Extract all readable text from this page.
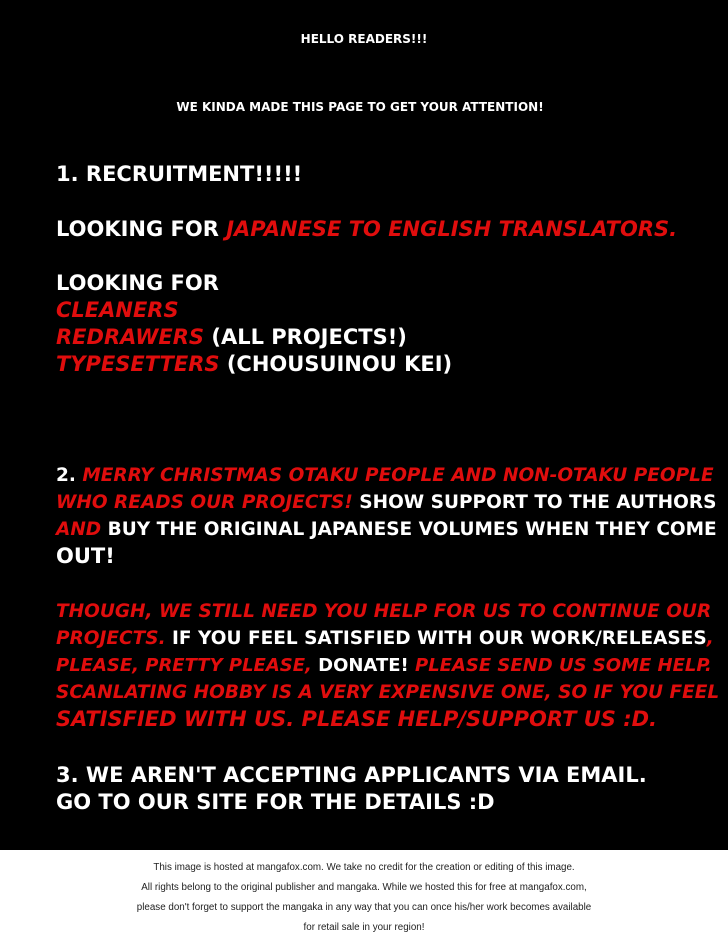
HELLO READERS!!!
WE KINDA MADE THIS PAGE TO GET YOUR ATTENTION!
1. RECRUITMENT!!!!!
LOOKING FOR JAPANESE TO ENGLISH TRANSLATORS.
LOOKING FOR
CLEANERS
REDRAWERS (ALL PROJECTS!)
TYPESETTERS (CHOUSUINOU KEI)
2. MERRY CHRISTMAS OTAKU PEOPLE AND NON-OTAKU PEOPLE
WHO READS OUR PROJECTS! SHOW SUPPORT TO THE AUTHORS
AND BUY THE ORIGINAL JAPANESE VOLUMES WHEN THEY COME
OUT!
THOUGH, WE STILL NEED YOU HELP FOR US TO CONTINUE OUR
PROJECTS. IF YOU FEEL SATISFIED WITH OUR WORK/RELEASES,
PLEASE, PRETTY PLEASE, DONATE! PLEASE SEND US SOME HELP.
SCANLATING HOBBY IS A VERY EXPENSIVE ONE, SO IF YOU FEEL
SATISFIED WITH US. PLEASE HELP/SUPPORT US :D.
3. WE AREN'T ACCEPTING APPLICANTS VIA EMAIL.
GO TO OUR SITE FOR THE DETAILS :D
This image is hosted at mangafox.com. We take no credit for the creation or editing of this image.
All rights belong to the original publisher and mangaka. While we hosted this for free at mangafox.com,
please don't forget to support the mangaka in any way that you can once his/her work becomes available
for retail sale in your region!
